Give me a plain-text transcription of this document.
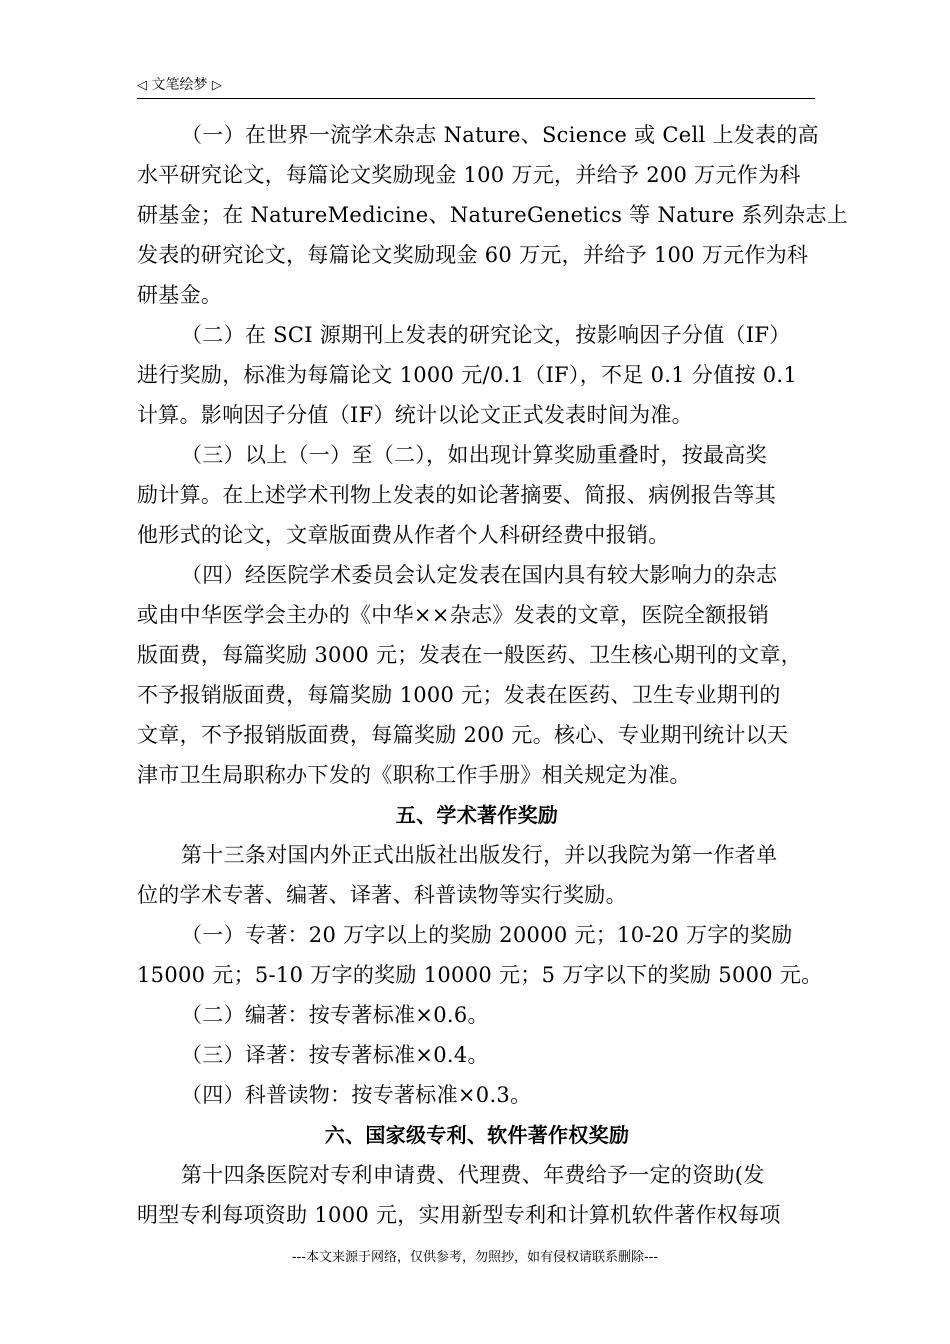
◁ 文笔绘梦 ▷
（一）在世界一流学术杂志 Nature、Science 或 Cell 上发表的高
水平研究论文，每篇论文奖励现金 100 万元，并给予 200 万元作为科
研基金；在 NatureMedicine、NatureGenetics 等 Nature 系列杂志上
发表的研究论文，每篇论文奖励现金 60 万元，并给予 100 万元作为科
研基金。
（二）在 SCI 源期刊上发表的研究论文，按影响因子分值（IF）
进行奖励，标准为每篇论文 1000 元/0.1（IF），不足 0.1 分值按 0.1
计算。影响因子分值（IF）统计以论文正式发表时间为准。
（三）以上（一）至（二），如出现计算奖励重叠时，按最高奖
励计算。在上述学术刊物上发表的如论著摘要、简报、病例报告等其
他形式的论文，文章版面费从作者个人科研经费中报销。
（四）经医院学术委员会认定发表在国内具有较大影响力的杂志
或由中华医学会主办的《中华××杂志》发表的文章，医院全额报销
版面费，每篇奖励 3000 元；发表在一般医药、卫生核心期刊的文章，
不予报销版面费，每篇奖励 1000 元；发表在医药、卫生专业期刊的
文章，不予报销版面费，每篇奖励 200 元。核心、专业期刊统计以天
津市卫生局职称办下发的《职称工作手册》相关规定为准。
五、学术著作奖励
第十三条对国内外正式出版社出版发行，并以我院为第一作者单
位的学术专著、编著、译著、科普读物等实行奖励。
（一）专著：20 万字以上的奖励 20000 元；10-20 万字的奖励
15000 元；5-10 万字的奖励 10000 元；5 万字以下的奖励 5000 元。
（二）编著：按专著标准×0.6。
（三）译著：按专著标准×0.4。
（四）科普读物：按专著标准×0.3。
六、国家级专利、软件著作权奖励
第十四条医院对专利申请费、代理费、年费给予一定的资助(发
明型专利每项资助 1000 元，实用新型专利和计算机软件著作权每项
---本文来源于网络，仅供参考，勿照抄，如有侵权请联系删除---
